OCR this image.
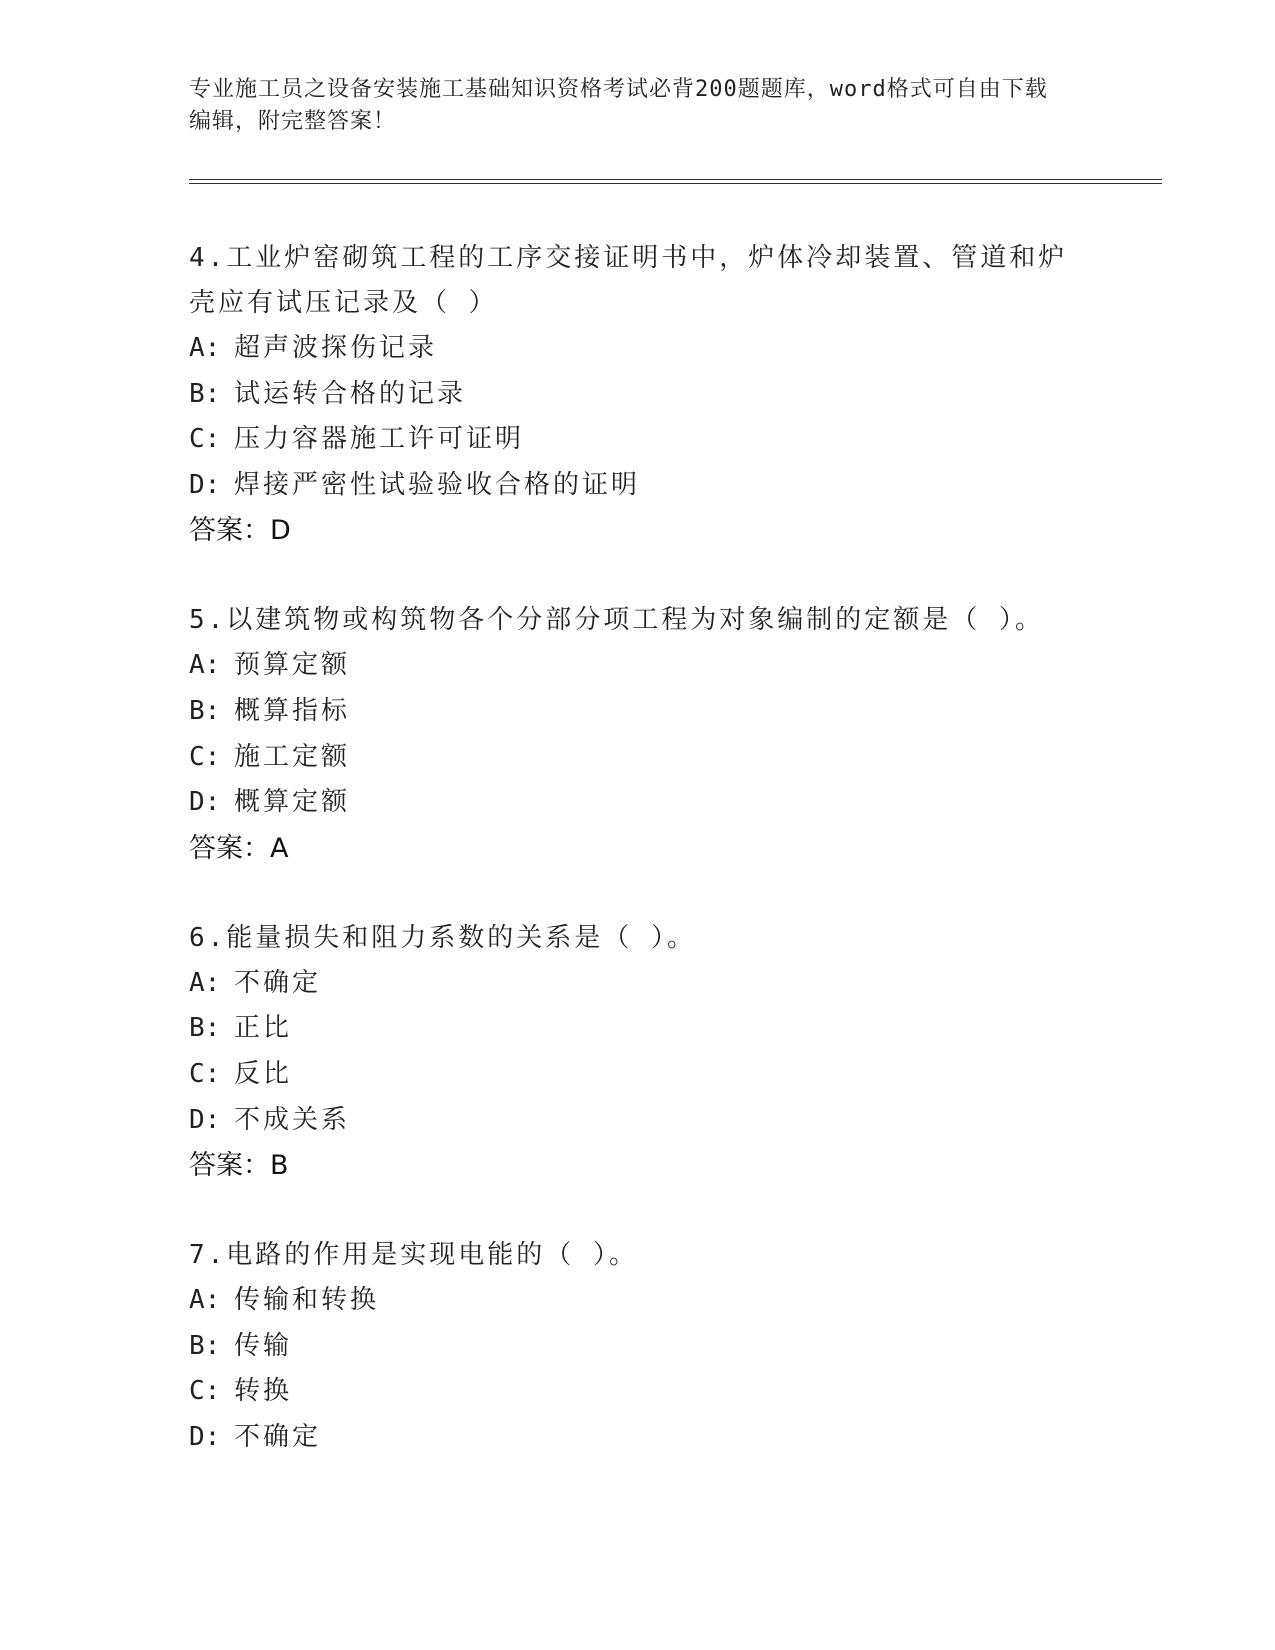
专业施工员之设备安装施工基础知识资格考试必背200题题库，word格式可自由下载编辑，附完整答案！

4.工业炉窑砌筑工程的工序交接证明书中，炉体冷却装置、管道和炉壳应有试压记录及（ ）

A: 超声波探伤记录

B: 试运转合格的记录

C: 压力容器施工许可证明

D: 焊接严密性试验验收合格的证明

答案：D

5.以建筑物或构筑物各个分部分项工程为对象编制的定额是（ ）。

A: 预算定额

B: 概算指标

C: 施工定额

D: 概算定额

答案：A

6.能量损失和阻力系数的关系是（ ）。

A: 不确定

B: 正比

C: 反比

D: 不成关系

答案：B

7.电路的作用是实现电能的（ ）。

A: 传输和转换

B: 传输

C: 转换

D: 不确定
